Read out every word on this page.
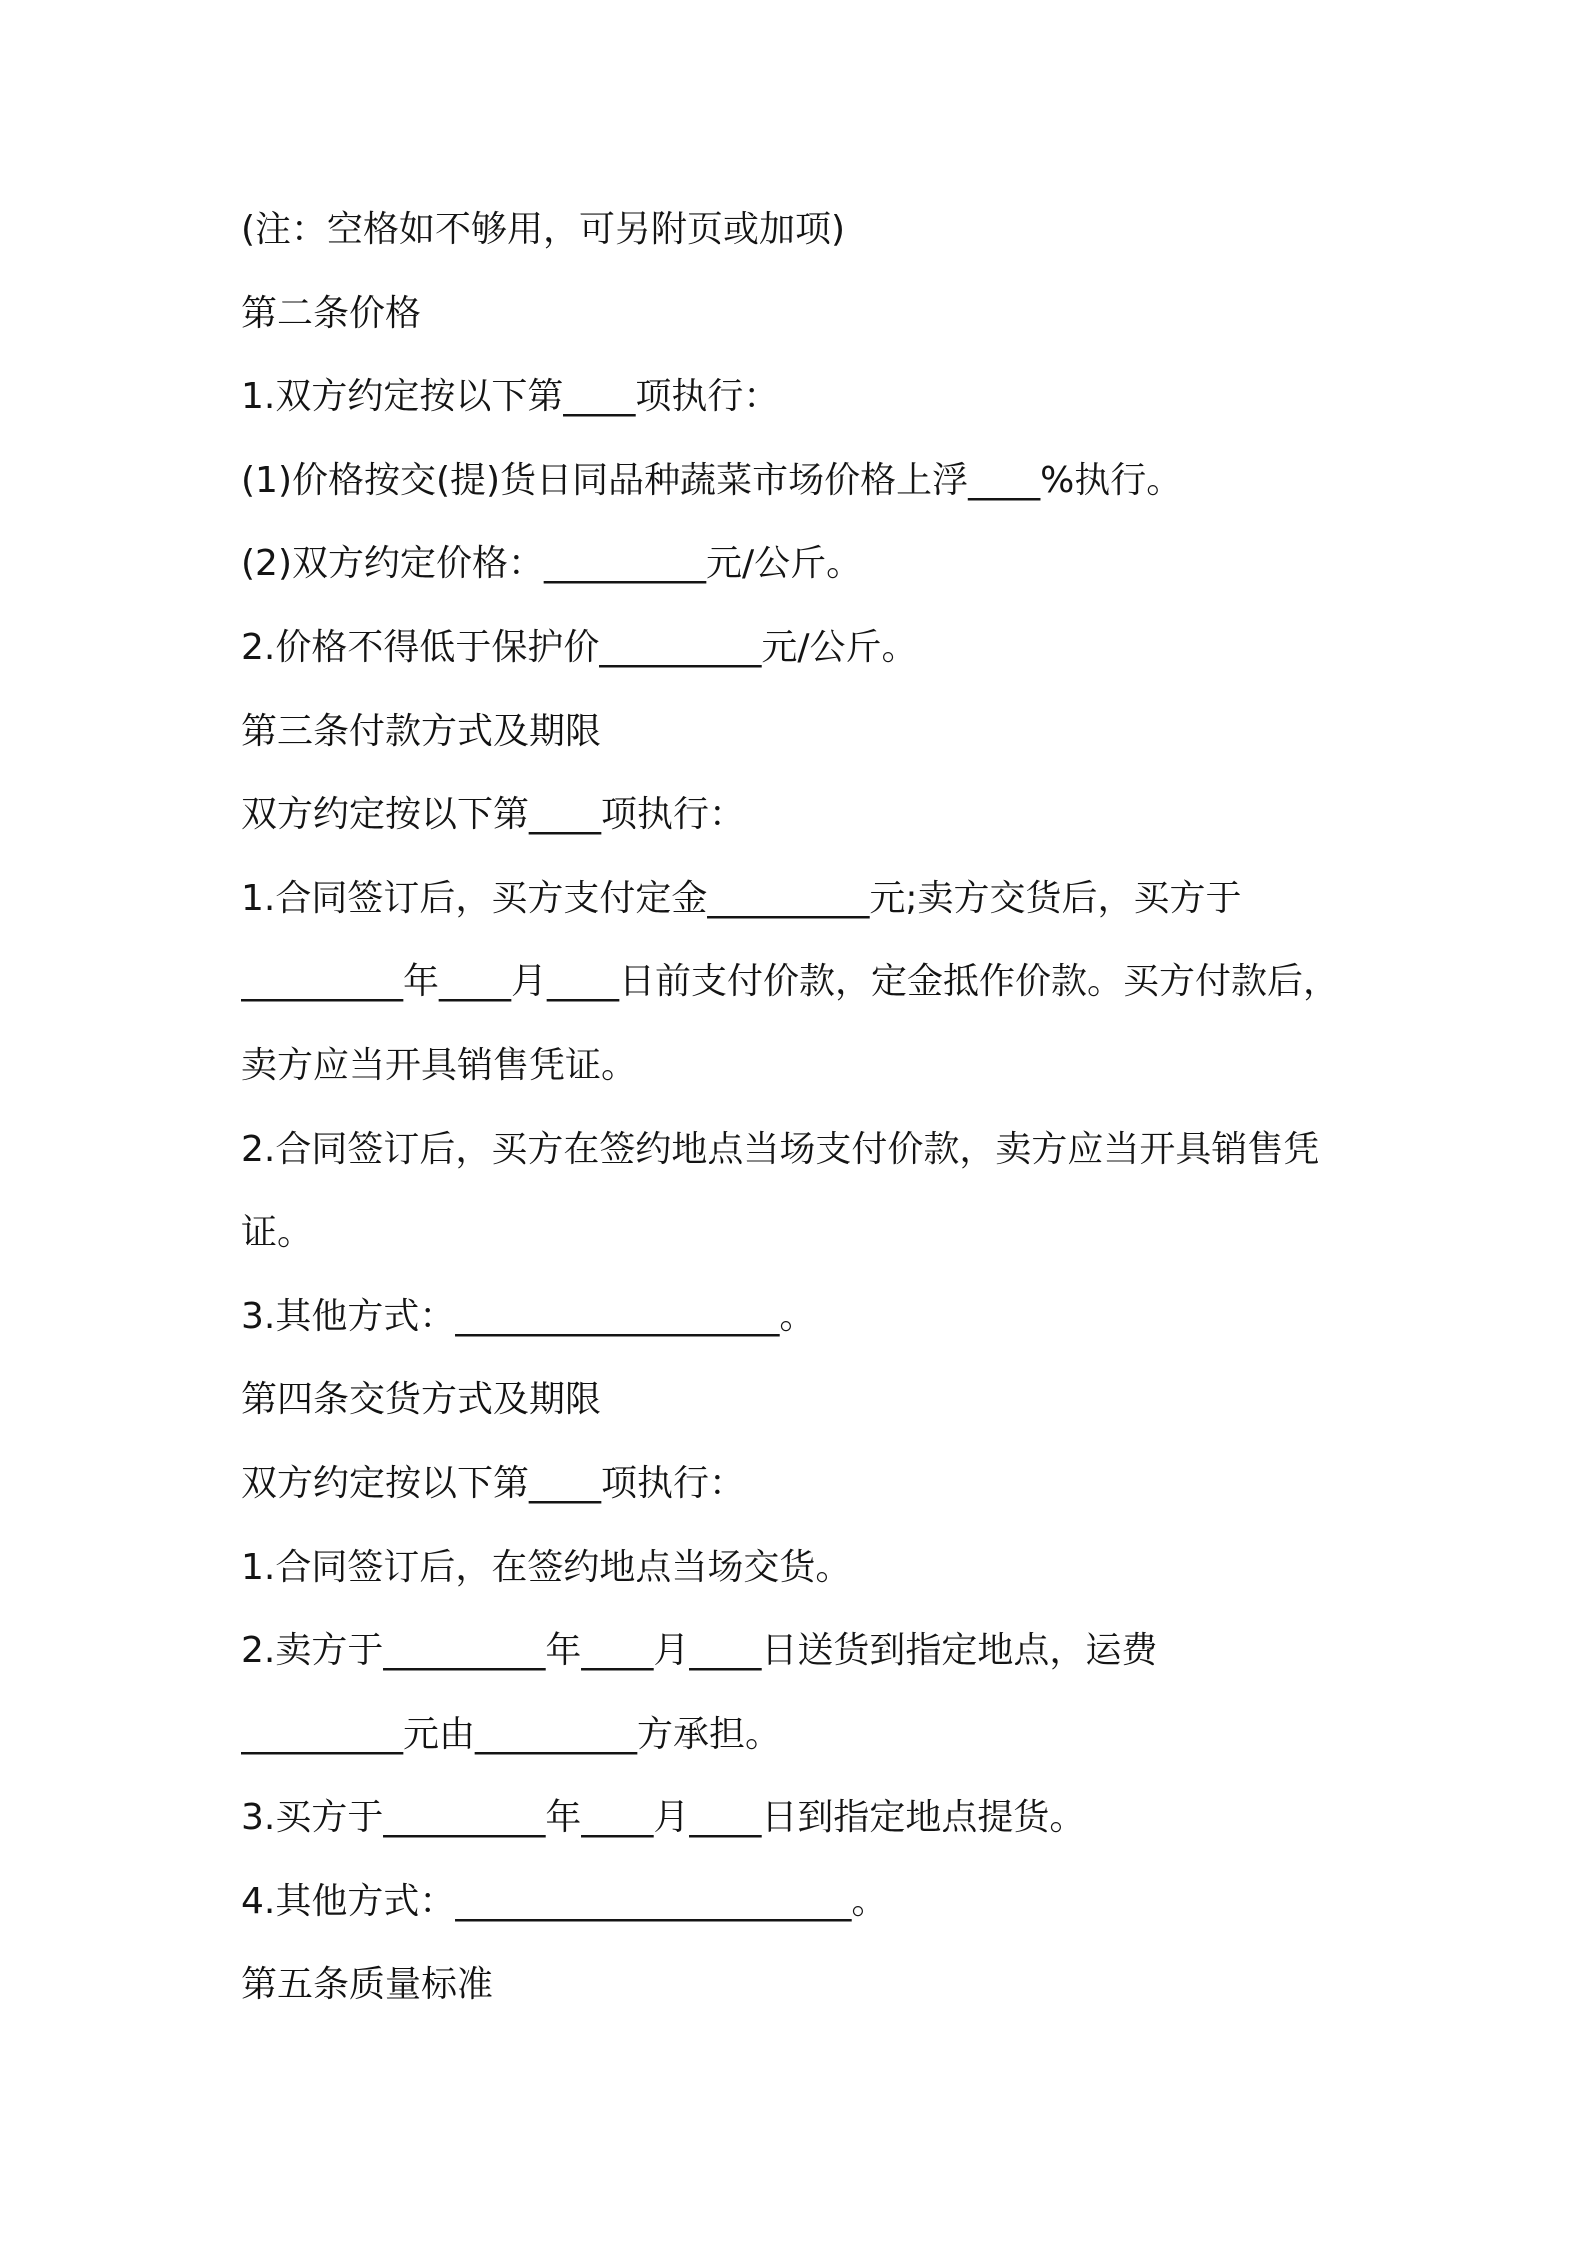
(注：空格如不够用，可另附页或加项)
第二条价格
1.双方约定按以下第____项执行：
(1)价格按交(提)货日同品种蔬菜市场价格上浮____%执行。
(2)双方约定价格：_________元/公斤。
2.价格不得低于保护价_________元/公斤。
第三条付款方式及期限
双方约定按以下第____项执行：
1.合同签订后，买方支付定金_________元;卖方交货后，买方于
_________年____月____日前支付价款，定金抵作价款。买方付款后，
卖方应当开具销售凭证。
2.合同签订后，买方在签约地点当场支付价款，卖方应当开具销售凭
证。
3.其他方式：__________________。
第四条交货方式及期限
双方约定按以下第____项执行：
1.合同签订后，在签约地点当场交货。
2.卖方于_________年____月____日送货到指定地点，运费
_________元由_________方承担。
3.买方于_________年____月____日到指定地点提货。
4.其他方式：______________________。
第五条质量标准
